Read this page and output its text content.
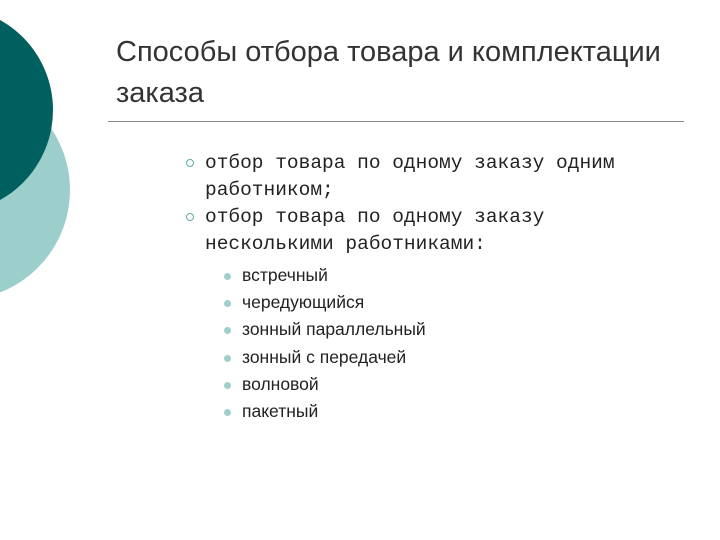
Способы отбора товара и комплектации заказа
отбор товара по одному заказу одним работником;
отбор товара по одному заказу несколькими работниками:
встречный
чередующийся
зонный параллельный
зонный с передачей
волновой
пакетный
